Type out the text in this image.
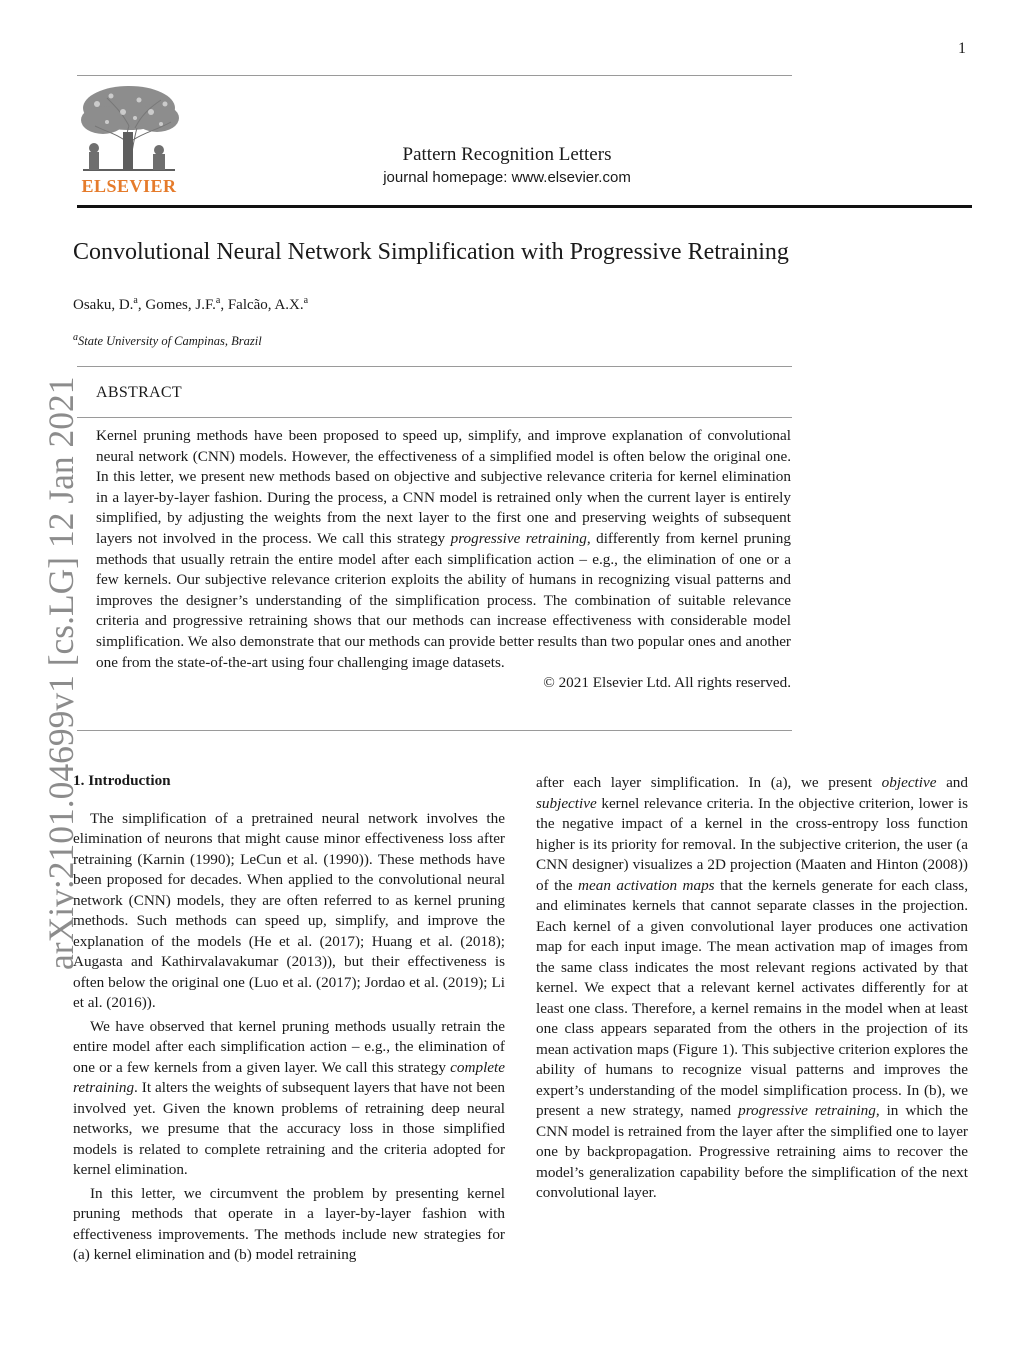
1
ELSEVIER
Pattern Recognition Letters
journal homepage: www.elsevier.com
Convolutional Neural Network Simplification with Progressive Retraining
Osaku, D.$^a$, Gomes, J.F.$^a$, Falcão, A.X.$^a$
$^a$State University of Campinas, Brazil
ABSTRACT
Kernel pruning methods have been proposed to speed up, simplify, and improve explanation of convolutional neural network (CNN) models. However, the effectiveness of a simplified model is often below the original one. In this letter, we present new methods based on objective and subjective relevance criteria for kernel elimination in a layer-by-layer fashion. During the process, a CNN model is retrained only when the current layer is entirely simplified, by adjusting the weights from the next layer to the first one and preserving weights of subsequent layers not involved in the process. We call this strategy progressive retraining, differently from kernel pruning methods that usually retrain the entire model after each simplification action – e.g., the elimination of one or a few kernels. Our subjective relevance criterion exploits the ability of humans in recognizing visual patterns and improves the designer’s understanding of the simplification process. The combination of suitable relevance criteria and progressive retraining shows that our methods can increase effectiveness with considerable model simplification. We also demonstrate that our methods can provide better results than two popular ones and another one from the state-of-the-art using four challenging image datasets.
© 2021 Elsevier Ltd. All rights reserved.
arXiv:2101.04699v1 [cs.LG] 12 Jan 2021
1. Introduction

The simplification of a pretrained neural network involves the elimination of neurons that might cause minor effectiveness loss after retraining (Karnin (1990); LeCun et al. (1990)). These methods have been proposed for decades. When applied to the convolutional neural network (CNN) models, they are often referred to as kernel pruning methods. Such methods can speed up, simplify, and improve the explanation of the models (He et al. (2017); Huang et al. (2018); Augasta and Kathirvalavakumar (2013)), but their effectiveness is often below the original one (Luo et al. (2017); Jordao et al. (2019); Li et al. (2016)).

We have observed that kernel pruning methods usually retrain the entire model after each simplification action – e.g., the elimination of one or a few kernels from a given layer. We call this strategy complete retraining. It alters the weights of subsequent layers that have not been involved yet. Given the known problems of retraining deep neural networks, we presume that the accuracy loss in those simplified models is related to complete retraining and the criteria adopted for kernel elimination.

In this letter, we circumvent the problem by presenting kernel pruning methods that operate in a layer-by-layer fashion with effectiveness improvements. The methods include new strategies for (a) kernel elimination and (b) model retraining

after each layer simplification. In (a), we present objective and subjective kernel relevance criteria. In the objective criterion, lower is the negative impact of a kernel in the cross-entropy loss function higher is its priority for removal. In the subjective criterion, the user (a CNN designer) visualizes a 2D projection (Maaten and Hinton (2008)) of the mean activation maps that the kernels generate for each class, and eliminates kernels that cannot separate classes in the projection. Each kernel of a given convolutional layer produces one activation map for each input image. The mean activation map of images from the same class indicates the most relevant regions activated by that kernel. We expect that a relevant kernel activates differently for at least one class. Therefore, a kernel remains in the model when at least one class appears separated from the others in the projection of its mean activation maps (Figure 1). This subjective criterion explores the ability of humans to recognize visual patterns and improves the expert’s understanding of the model simplification process. In (b), we present a new strategy, named progressive retraining, in which the CNN model is retrained from the layer after the simplified one to layer one by backpropagation. Progressive retraining aims to recover the model’s generalization capability before the simplification of the next convolutional layer.
